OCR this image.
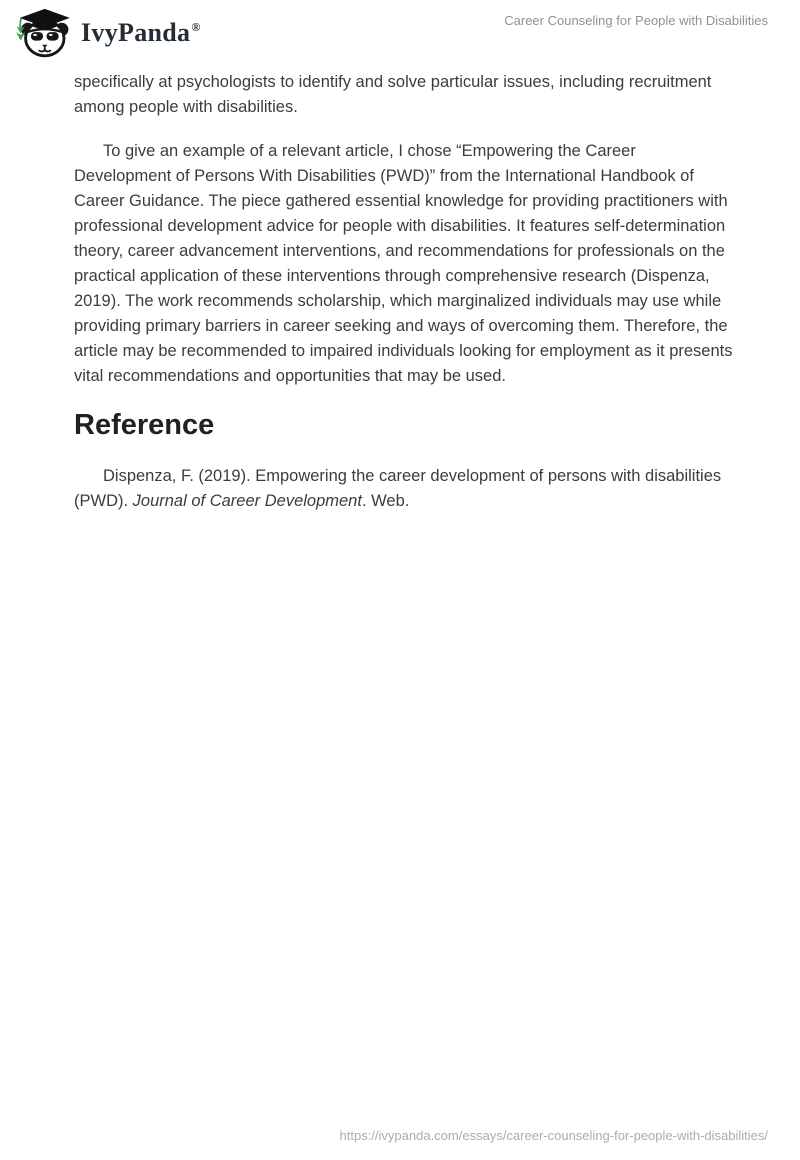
IvyPanda®	Career Counseling for People with Disabilities

specifically at psychologists to identify and solve particular issues, including recruitment among people with disabilities.

To give an example of a relevant article, I chose “Empowering the Career Development of Persons With Disabilities (PWD)” from the International Handbook of Career Guidance. The piece gathered essential knowledge for providing practitioners with professional development advice for people with disabilities. It features self-determination theory, career advancement interventions, and recommendations for professionals on the practical application of these interventions through comprehensive research (Dispenza, 2019). The work recommends scholarship, which marginalized individuals may use while providing primary barriers in career seeking and ways of overcoming them. Therefore, the article may be recommended to impaired individuals looking for employment as it presents vital recommendations and opportunities that may be used.

Reference

Dispenza, F. (2019). Empowering the career development of persons with disabilities (PWD). Journal of Career Development. Web.

https://ivypanda.com/essays/career-counseling-for-people-with-disabilities/
